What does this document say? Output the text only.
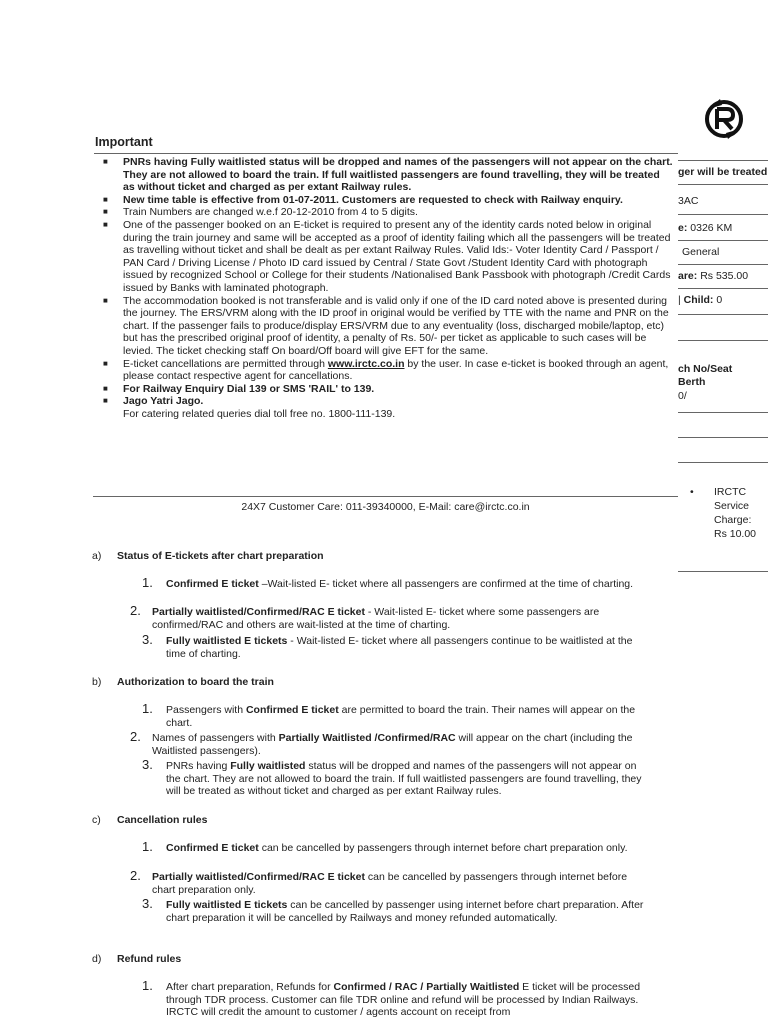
ger will be treated
3AC
e: 0326 KM
General
are: Rs 535.00
| Child: 0
ch No/Seat
Berth
0/
• IRCTC
Service
Charge:
Rs 10.00
Important
■ PNRs having Fully waitlisted status will be dropped and names of the passengers will not appear on the chart. They are not allowed to board the train. If full waitlisted passengers are found travelling, they will be treated as without ticket and charged as per extant Railway rules.
■ New time table is effective from 01-07-2011. Customers are requested to check with Railway enquiry.
■ Train Numbers are changed w.e.f 20-12-2010 from 4 to 5 digits.
■ One of the passenger booked on an E-ticket is required to present any of the identity cards noted below in original during the train journey and same will be accepted as a proof of identity failing which all the passengers will be treated as travelling without ticket and shall be dealt as per extant Railway Rules. Valid Ids:- Voter Identity Card / Passport / PAN Card / Driving License / Photo ID card issued by Central / State Govt /Student Identity Card with photograph issued by recognized School or College for their students /Nationalised Bank Passbook with photograph /Credit Cards issued by Banks with laminated photograph.
■ The accommodation booked is not transferable and is valid only if one of the ID card noted above is presented during the journey. The ERS/VRM along with the ID proof in original would be verified by TTE with the name and PNR on the chart. If the passenger fails to produce/display ERS/VRM due to any eventuality (loss, discharged mobile/laptop, etc) but has the prescribed original proof of identity, a penalty of Rs. 50/- per ticket as applicable to such cases will be levied. The ticket checking staff On board/Off board will give EFT for the same.
■ E-ticket cancellations are permitted through www.irctc.co.in by the user. In case e-ticket is booked through an agent, please contact respective agent for cancellations.
■ For Railway Enquiry Dial 139 or SMS 'RAIL' to 139.
■ Jago Yatri Jago.
For catering related queries dial toll free no. 1800-111-139.
24X7 Customer Care: 011-39340000, E-Mail: care@irctc.co.in
a) Status of E-tickets after chart preparation
1. Confirmed E ticket –Wait-listed E- ticket where all passengers are confirmed at the time of charting.
2. Partially waitlisted/Confirmed/RAC E ticket - Wait-listed E- ticket where some passengers are confirmed/RAC and others are wait-listed at the time of charting.
3. Fully waitlisted E tickets - Wait-listed E- ticket where all passengers continue to be waitlisted at the time of charting.
b) Authorization to board the train
1. Passengers with Confirmed E ticket are permitted to board the train. Their names will appear on the chart.
2. Names of passengers with Partially Waitlisted /Confirmed/RAC will appear on the chart (including the Waitlisted passengers).
3. PNRs having Fully waitlisted status will be dropped and names of the passengers will not appear on the chart. They are not allowed to board the train. If full waitlisted passengers are found travelling, they will be treated as without ticket and charged as per extant Railway rules.
c) Cancellation rules
1. Confirmed E ticket can be cancelled by passengers through internet before chart preparation only.
2. Partially waitlisted/Confirmed/RAC E ticket can be cancelled by passengers through internet before chart preparation only.
3. Fully waitlisted E tickets can be cancelled by passenger using internet before chart preparation. After chart preparation it will be cancelled by Railways and money refunded automatically.
d) Refund rules
1. After chart preparation, Refunds for Confirmed / RAC / Partially Waitlisted E ticket will be processed through TDR process. Customer can file TDR online and refund will be processed by Indian Railways. IRCTC will credit the amount to customer / agents account on receipt from
